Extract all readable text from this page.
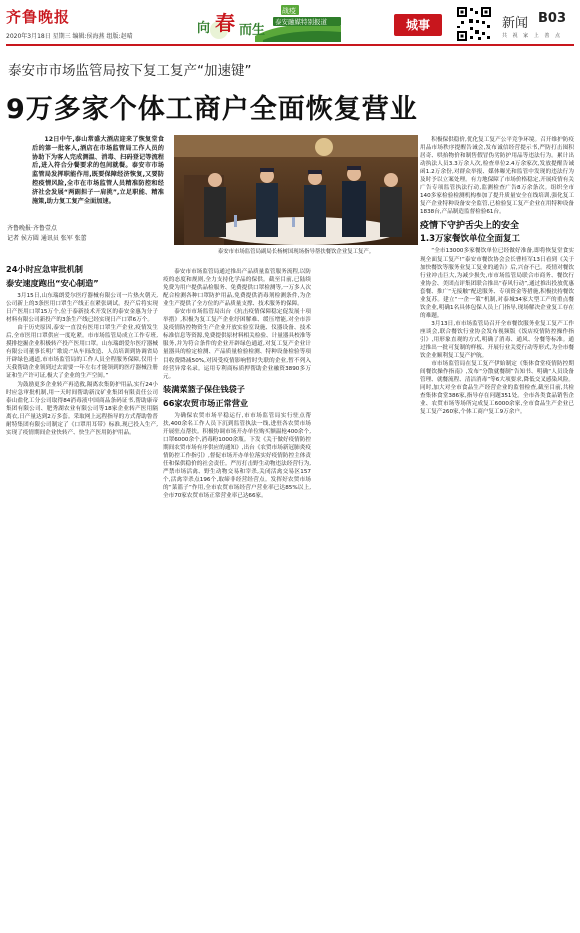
齐鲁晚报
2020年3月18日 星期三 编辑:侯海燕 组版:赵晴
向 春 而生
战疫
泰安融媒特别报道	城事	新闻 B03
共 祝 家 上 善 点
泰安市市场监管局按下复工复产“加速键”
9万多家个体工商户全面恢复营业

12日中午,泰山常盛大酒店迎来了恢复堂食后的第一批客人,酒店在市场监管局工作人员的协助下为客人完成测温、消毒、扫码登记等流程后,进入符合分餐要求的包间就餐。泰安市市场监管局发挥职能作用,既要保障经济恢复,又要防控疫情风险,全市在市场监管人员精准防控和经济社会发展“两副担子一肩挑”,立足职能、精准施策,助力复工复产全面加速。

齐鲁晚报·齐鲁壹点
记者 侯方圆 通讯员 张军 张蕾
泰安市市场监管局副局长杨树国现场指导帮扶餐饮企业复工复产。

积极保供稳价,优化复工复产公平竞争环境。召开维护防疫用品市场秩序提醒告诫会,发布诚信经营提示书,严防打击囤积居奇、哄抬物价和制售假冒伪劣防护用品等违法行为。累计出动执法人员3.3万余人次,检查单位2.4万余家次,发放提醒告诫函1.2万余份,对群众举报、媒体曝光和监管中发现的违法行为及时予以立案处理。有力地保障了市场价格稳定,开展疫情有关广告专项监管执法行动,监测检查广告8万余条次。组织全市140多家检验检测机构参加了提升质量安全在线培训,强化复工复产企业特种设备安全监管,已检验复工复产企业在用特种设备1838台,产品制造监督检验61台。

疫情下守护舌尖上的安全
1.3万家餐饮单位全面复工

“全市13000多家餐饮单位已经做好准备,即将恢复堂食实现全面复工复产!”泰安市餐饮协会会长曹桂军13日看到《关于加快餐饮等服务业复工复业的通告》后,兴奋不已。疫情对餐饮行业冲击巨大,为减少损失,市市场监管局联合市商务、餐饮行业协会、美团点评集团联合推出“春风行动”,通过推出投放优惠套餐、推广“无接触”配送服务、专项资金等措施,积极扶持餐饮业复苏。建立“一企一策”机制,对泰城34家大型工产的重点餐饮企业,明确1名具体包保人员上门指导,现场解决企业复工存在的难题。

3月13日,市市场监管局召开全市餐饮服务业复工复产工作座谈会,联合餐饮行业协会发布视频版《饭店疫情防控操作指引》,用形象直观的方式,明确了消毒、通风、分餐等标准。通过推出一批可复制的样板、开展行业关爱行动等形式,为全市餐饮企业顺利复工复产护航。

市市场监管局在复工复产伊始制定《集体食堂疫情防控期间餐饮操作指南》,发布“分散就餐制”告知书、明确“人员设备管理、就餐流程、清洁消毒”等6大项要求,降低交叉感染风险。同时,加大对全市食品生产经营企业的监督检查,截至目前,共检查集体食堂386家,指导存在问题351处。全市各类食品销售企业、农贸市场等场所完成复工6000余家,全市食品生产企业已复工复产260家,个体工商户复工9万余户。

24小时应急审批机制
泰安速度跑出“安心制造”

3月15日,山东瑞朗爱尔医疗器械有限公司一片热火朝天,公司新上的3条医用口罩生产线正在紧张调试。投产后将实现日产医用口罩15万个,位于泰新技术开发区的泰安金惠为分子材料有限公司新投产的3条生产线已经实现日产口罩6万个。

由于历史原因,泰安一直没有医用口罩生产企业,疫情发生后,全市医用口罩供应一度吃紧。市市场监管局成立工作专班,摸排挖掘企业积极转产投产医用口罩。山东瑞朗爱尔医疗器械有限公司董事长明广歌说:“从车间改造、人员培训到协调省局开辟绿色通道,市市场监管局的工作人员全程服务保障,仅用十天我帮助企业领到过去需要一年左右才能领到的医疗器械注册证和生产许可证,极大了企业的生产空间。”

为鼓励更多企业转产再造救,隔离农集防护用品,实行24小时应急审批机制,用一天时间帮助新汶矿业集团有限责任公司泰山盐化工分公司取得84消毒液中国商品条码证书,帮助康帝集团有限公司、肥秀湖农业有限公司等18家企业转产医用隔离衣,日产量达到2万多套。采取网上远程指导的方式帮助鲁普耐特集团有限公司制定了《口罩用耳带》标准,现已投入生产,实现了疫情期间企业快转产、快生产医用防护用品。

泰安市市场监管局通过推出产品质量监管服务流程,以防疫的态度和规则,全力支持化学品的保供。截至目前,已陆续免费为用户提供品检服务、免费提供口罩检测等,一万多人次配合检测各种口罩防护用品,免费提供消毒剂检测条件,为企业生产提供了全方位的产品质量支撑、技术服务的保障。

泰安市市场监管局出台《抗击疫情保障稳定促发展十项举措》,积极为复工复产企业纾困解难、缓压增能,对全市涉及疫情防控物资生产企业开放实验室设施、仪器设备、技术标准信息等资源,免费提供原材料相关检验、计量器具校准等服务,并为符合条件的企业开辟绿色通道,对复工复产企业计量器具的检定检测、产品质量检验检测、特种设备检验等项目收费降减50%,对因受疫情影响暂时失联的企业,暂不列入经营异常名录。运用专利商标质押帮助企业融资3890多万元。

装满菜篮子保住钱袋子
66家农贸市场正常营业

为确保农贸市场平稳运行,市市场监管局实行驻点帮扶,400余名工作人员下沉到监管执法一线,进驻各农贸市场开展驻点帮扶。积极协调市场开办单位购买额温枪400余个,口罩6000余个,消毒粉1000余瓶。下发《关于做好疫情防控期间农贸市场有序供应的通知》,出台《农贸市场新冠肺炎疫情防控工作指引》,督促市场开办单位落实好疫情防控主体责任和保供稳价的社会责任。严厉打击野生动物违法经营行为,严禁市场活禽、野生动物交易和宰杀,关闭活禽交易区157个,活禽宰杀点196个,取缔非经营经营点。发挥好农贸市场的“菜篮子”作用,全市农贸市场经营户营业率已达85%以上,全市70家农贸市场正常营业率已达66家。
